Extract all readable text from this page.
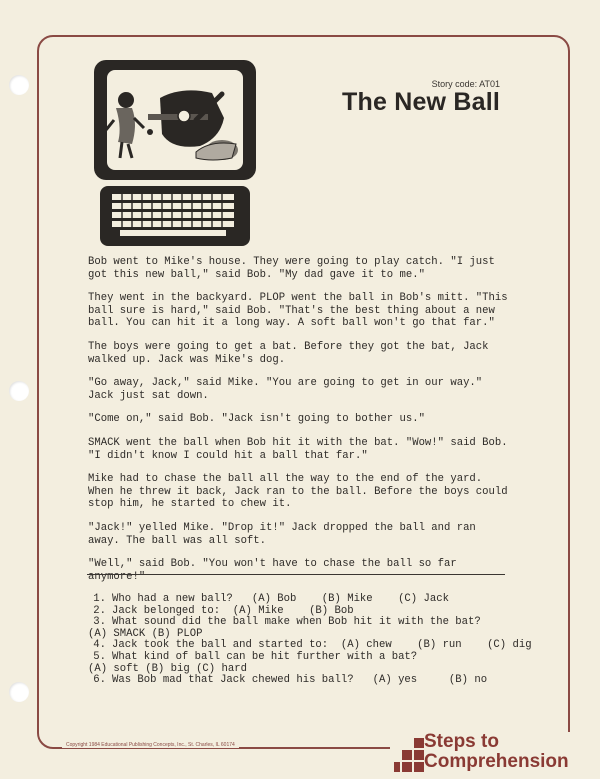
Story code: AT01
The New Ball

Bob went to Mike's house. They were going to play catch. "I just got this new ball," said Bob. "My dad gave it to me."

They went in the backyard. PLOP went the ball in Bob's mitt. "This ball sure is hard," said Bob. "That's the best thing about a new ball. You can hit it a long way. A soft ball won't go that far."

The boys were going to get a bat. Before they got the bat, Jack walked up. Jack was Mike's dog.

"Go away, Jack," said Mike. "You are going to get in our way." Jack just sat down.

"Come on," said Bob. "Jack isn't going to bother us."

SMACK went the ball when Bob hit it with the bat. "Wow!" said Bob. "I didn't know I could hit a ball that far."

Mike had to chase the ball all the way to the end of the yard. When he threw it back, Jack ran to the ball. Before the boys could stop him, he started to chew it.

"Jack!" yelled Mike. "Drop it!" Jack dropped the ball and ran away. The ball was all soft.

"Well," said Bob. "You won't have to chase the ball so far anymore!"

1. Who had a new ball?   (A) Bob    (B) Mike    (C) Jack
2. Jack belonged to:  (A) Mike    (B) Bob
3. What sound did the ball make when Bob hit it with the bat?
(A) SMACK (B) PLOP
4. Jack took the ball and started to:  (A) chew    (B) run    (C) dig
5. What kind of ball can be hit further with a bat?
(A) soft (B) big (C) hard
6. Was Bob mad that Jack chewed his ball?   (A) yes     (B) no
Copyright 1984 Educational Publishing Concepts, Inc., St. Charles, IL 60174	Steps to
Comprehension
